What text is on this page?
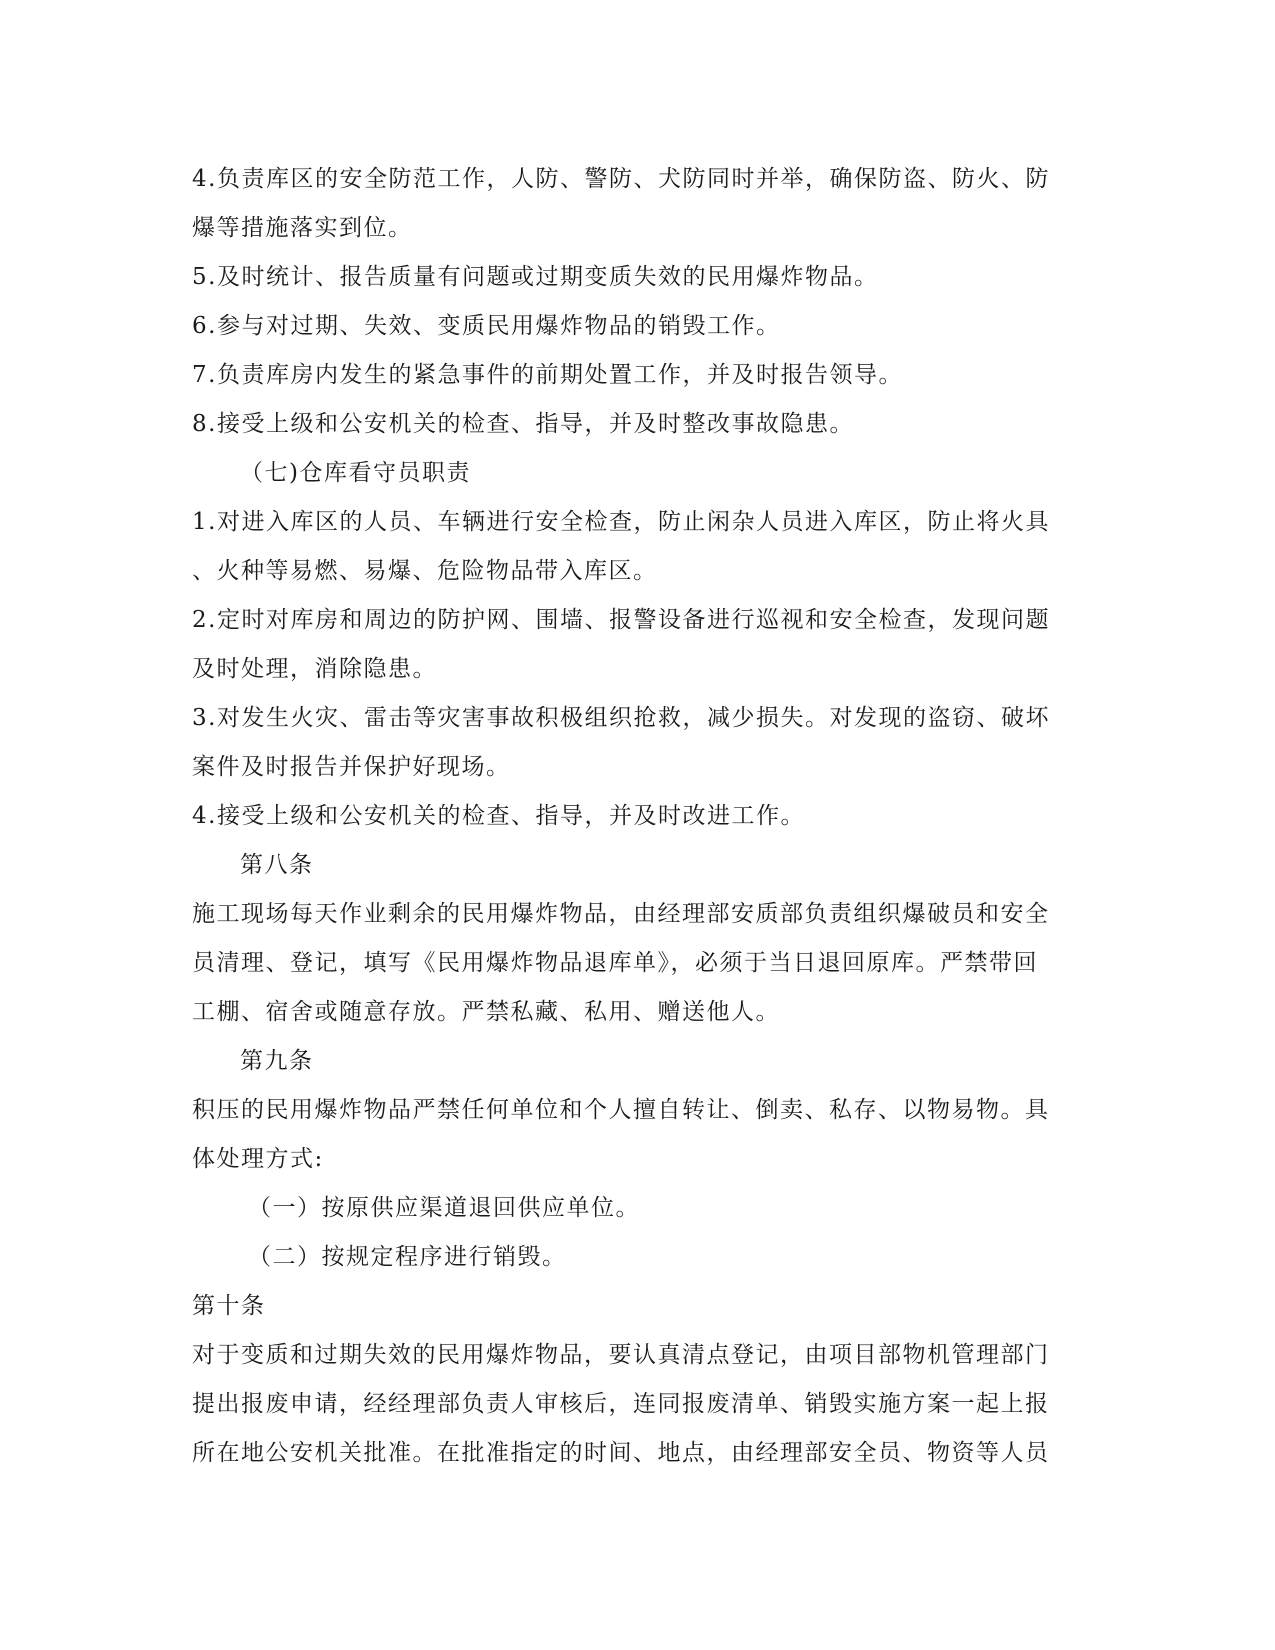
4.负责库区的安全防范工作，人防、警防、犬防同时并举，确保防盗、防火、防
爆等措施落实到位。
5.及时统计、报告质量有问题或过期变质失效的民用爆炸物品。
6.参与对过期、失效、变质民用爆炸物品的销毁工作。
7.负责库房内发生的紧急事件的前期处置工作，并及时报告领导。
8.接受上级和公安机关的检查、指导，并及时整改事故隐患。
（七)仓库看守员职责
1.对进入库区的人员、车辆进行安全检查，防止闲杂人员进入库区，防止将火具
、火种等易燃、易爆、危险物品带入库区。
2.定时对库房和周边的防护网、围墙、报警设备进行巡视和安全检查，发现问题
及时处理，消除隐患。
3.对发生火灾、雷击等灾害事故积极组织抢救，减少损失。对发现的盗窃、破坏
案件及时报告并保护好现场。
4.接受上级和公安机关的检查、指导，并及时改进工作。
第八条
施工现场每天作业剩余的民用爆炸物品，由经理部安质部负责组织爆破员和安全
员清理、登记，填写《民用爆炸物品退库单》，必须于当日退回原库。严禁带回
工棚、宿舍或随意存放。严禁私藏、私用、赠送他人。
第九条
积压的民用爆炸物品严禁任何单位和个人擅自转让、倒卖、私存、以物易物。具
体处理方式:
（一）按原供应渠道退回供应单位。
（二）按规定程序进行销毁。
第十条
对于变质和过期失效的民用爆炸物品，要认真清点登记，由项目部物机管理部门
提出报废申请，经经理部负责人审核后，连同报废清单、销毁实施方案一起上报
所在地公安机关批准。在批准指定的时间、地点，由经理部安全员、物资等人员
